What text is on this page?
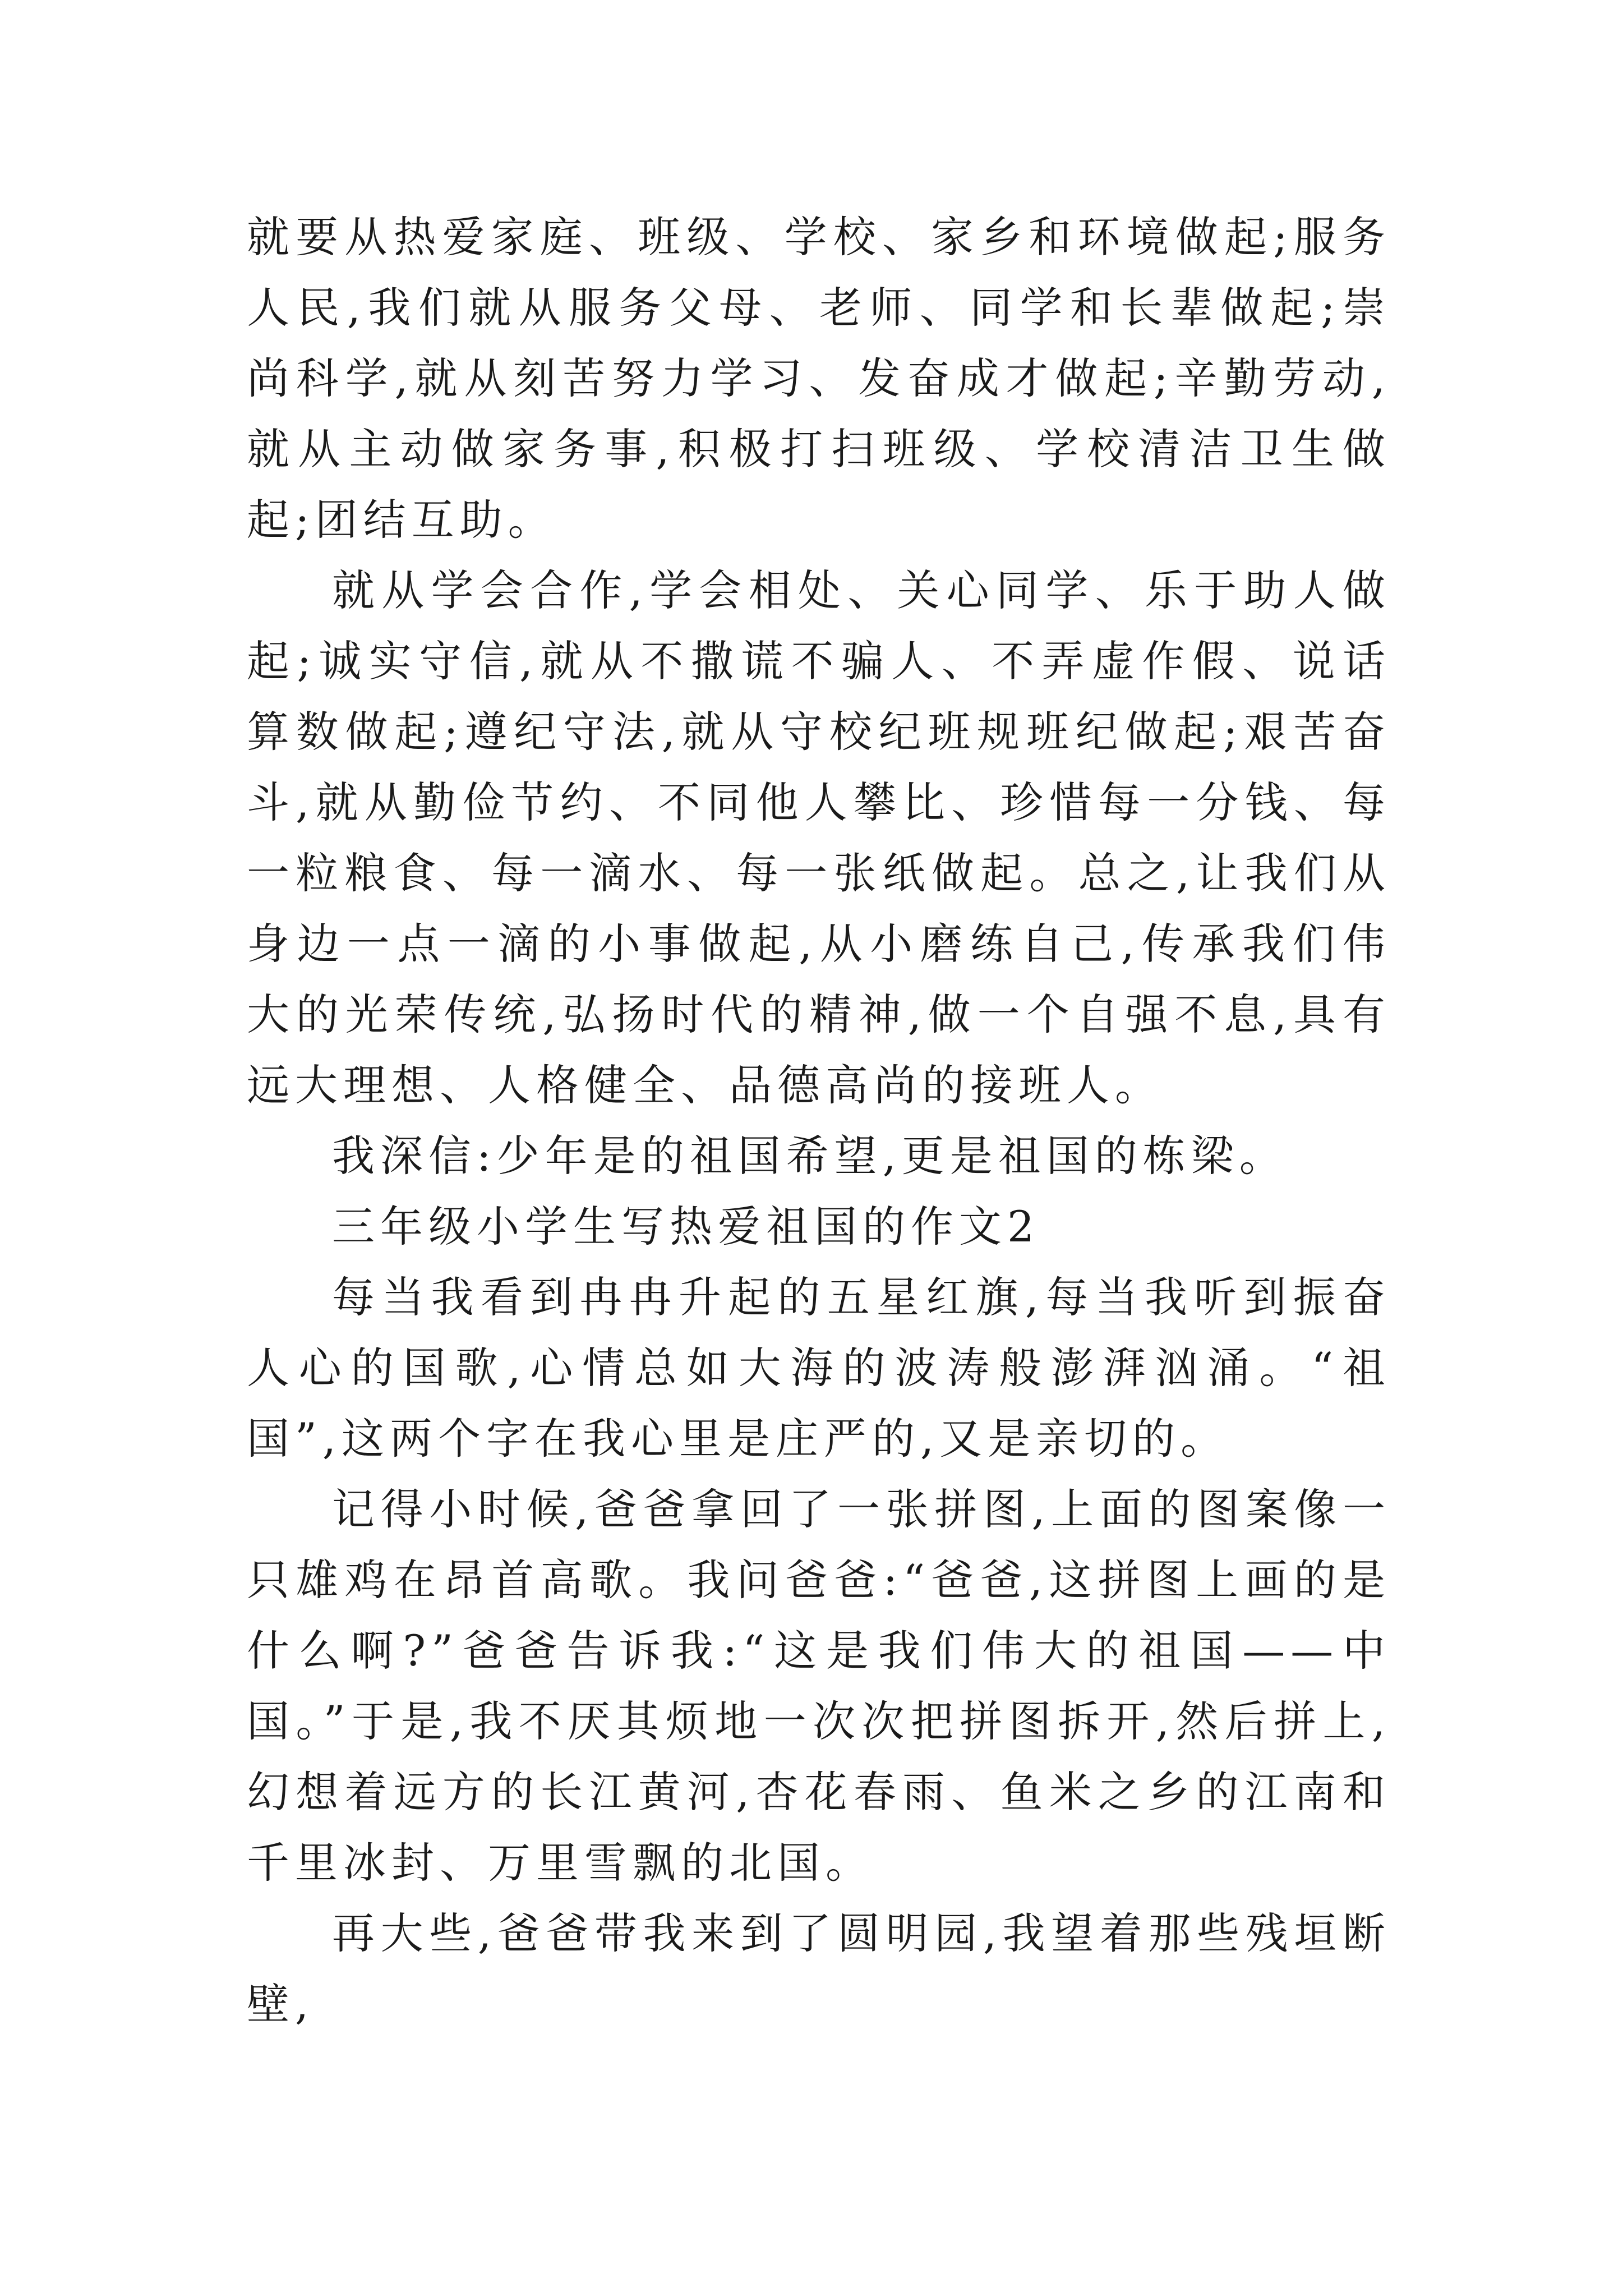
就要从热爱家庭、班级、学校、家乡和环境做起;服务人民,我们就从服务父母、老师、同学和长辈做起;崇尚科学,就从刻苦努力学习、发奋成才做起;辛勤劳动,就从主动做家务事,积极打扫班级、学校清洁卫生做起;团结互助。

就从学会合作,学会相处、关心同学、乐于助人做起;诚实守信,就从不撒谎不骗人、不弄虚作假、说话算数做起;遵纪守法,就从守校纪班规班纪做起;艰苦奋斗,就从勤俭节约、不同他人攀比、珍惜每一分钱、每一粒粮食、每一滴水、每一张纸做起。总之,让我们从身边一点一滴的小事做起,从小磨练自己,传承我们伟大的光荣传统,弘扬时代的精神,做一个自强不息,具有远大理想、人格健全、品德高尚的接班人。

我深信:少年是的祖国希望,更是祖国的栋梁。

三年级小学生写热爱祖国的作文2

每当我看到冉冉升起的五星红旗,每当我听到振奋人心的国歌,心情总如大海的波涛般澎湃汹涌。“祖国”,这两个字在我心里是庄严的,又是亲切的。

记得小时候,爸爸拿回了一张拼图,上面的图案像一只雄鸡在昂首高歌。我问爸爸:“爸爸,这拼图上画的是什么啊?”爸爸告诉我:“这是我们伟大的祖国——中国。”于是,我不厌其烦地一次次把拼图拆开,然后拼上,幻想着远方的长江黄河,杏花春雨、鱼米之乡的江南和千里冰封、万里雪飘的北国。

再大些,爸爸带我来到了圆明园,我望着那些残垣断壁,
